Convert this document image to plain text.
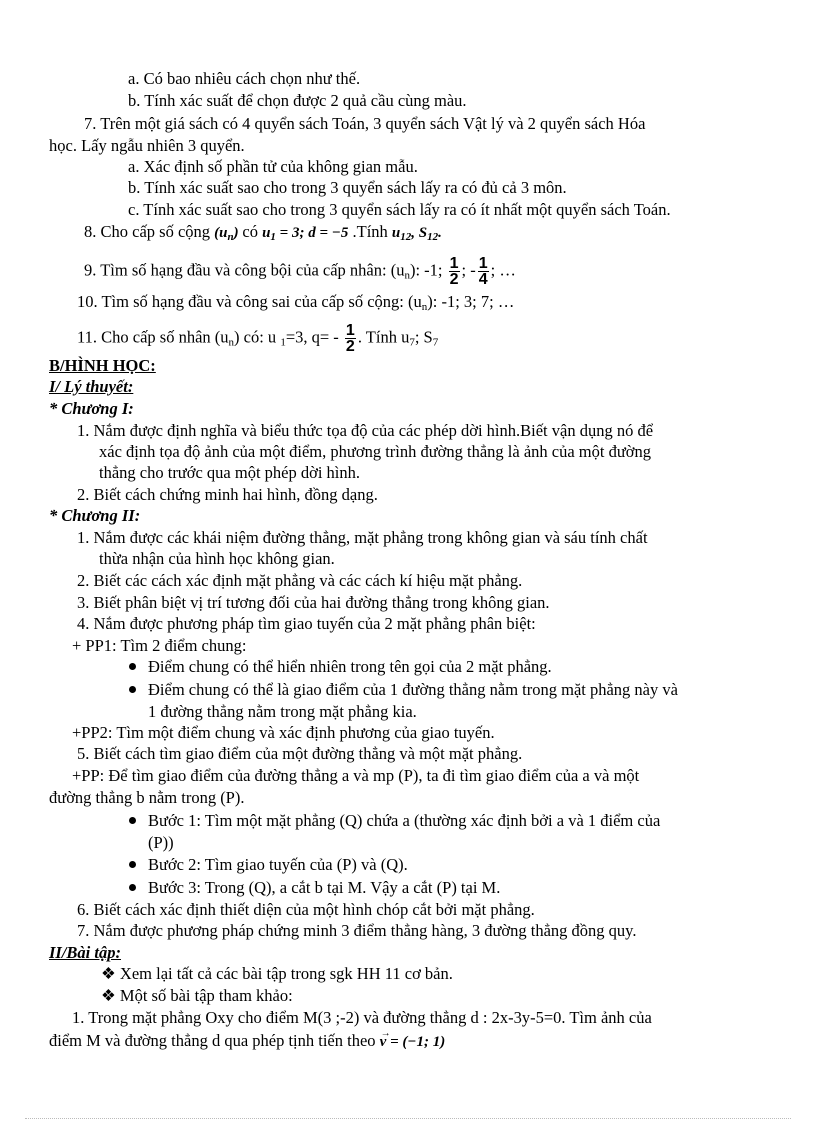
a. Có bao nhiêu cách chọn như thế.
b. Tính xác suất để chọn được 2 quả cầu cùng màu.
7. Trên một giá sách có 4 quyển sách Toán, 3 quyển sách Vật lý và 2 quyển sách Hóa
học. Lấy ngẫu nhiên 3 quyển.
a. Xác định số phần tử của không gian mẫu.
b. Tính xác suất sao cho trong 3 quyển sách lấy ra có đủ cả 3 môn.
c. Tính xác suất sao cho trong 3 quyển sách lấy ra có ít nhất một quyển sách Toán.
8. Cho cấp số cộng $(u_n)$ có $u_1 = 3$; d = −5 .Tính $u_{12}$, $S_{12}$.
9. Tìm số hạng đầu và công bội của cấp nhân: $(u_n)$: -1; $\frac{1}{2}$ ; - $\frac{1}{4}$ ; …
10. Tìm số hạng đầu và công sai của cấp số cộng: $(u_n)$: -1; 3; 7; …
11. Cho cấp số nhân $(u_n)$ có: u $_1$=3, $q= - \frac{1}{2}$ . Tính $u_7$; $S_7$
B/HÌNH HỌC:
I/ Lý thuyết:
* Chương I:
1. Nắm được định nghĩa và biểu thức tọa độ của các phép dời hình.Biết vận dụng nó để
xác định tọa độ ảnh của một điểm, phương trình đường thẳng là ảnh của một đường
thẳng cho trước qua một phép dời hình.
2. Biết cách chứng minh hai hình, đồng dạng.
* Chương II:
1. Nắm được các khái niệm đường thẳng, mặt phẳng trong không gian và sáu tính chất
thừa nhận của hình học không gian.
2. Biết các cách xác định mặt phẳng và các cách kí hiệu mặt phẳng.
3. Biết phân biệt vị trí tương đối của hai đường thẳng trong không gian.
4. Nắm được phương pháp tìm giao tuyến của 2 mặt phẳng phân biệt:
+ PP1: Tìm 2 điểm chung:
Điểm chung có thể hiển nhiên trong tên gọi của 2 mặt phẳng.
Điểm chung có thể là giao điểm của 1 đường thẳng nằm trong mặt phẳng này và
1 đường thẳng nằm trong mặt phẳng kia.
+PP2: Tìm một điểm chung và xác định phương của giao tuyến.
5. Biết cách tìm giao điểm của một đường thẳng và một mặt phẳng.
+PP: Để tìm giao điểm của đường thẳng a và mp (P), ta đi tìm giao điểm của a và một
đường thẳng b nằm trong (P).
Bước 1: Tìm một mặt phẳng (Q) chứa a (thường xác định bởi a và 1 điểm của
(P))
Bước 2: Tìm giao tuyến của (P) và (Q).
Bước 3: Trong (Q), a cắt b tại M. Vậy a cắt (P) tại M.
6. Biết cách xác định thiết diện của một hình chóp cắt bởi mặt phẳng.
7. Nắm được phương pháp chứng minh 3 điểm thẳng hàng, 3 đường thẳng đồng quy.
II/Bài tập:
❖ Xem lại tất cả các bài tập trong sgk HH 11 cơ bản.
❖ Một số bài tập tham khảo:
1. Trong mặt phẳng Oxy cho điểm M(3 ;-2) và đường thẳng d : 2x-3y-5=0. Tìm ảnh của
điểm M và đường thẳng d qua phép tịnh tiến theo →
v = (−1; 1)
